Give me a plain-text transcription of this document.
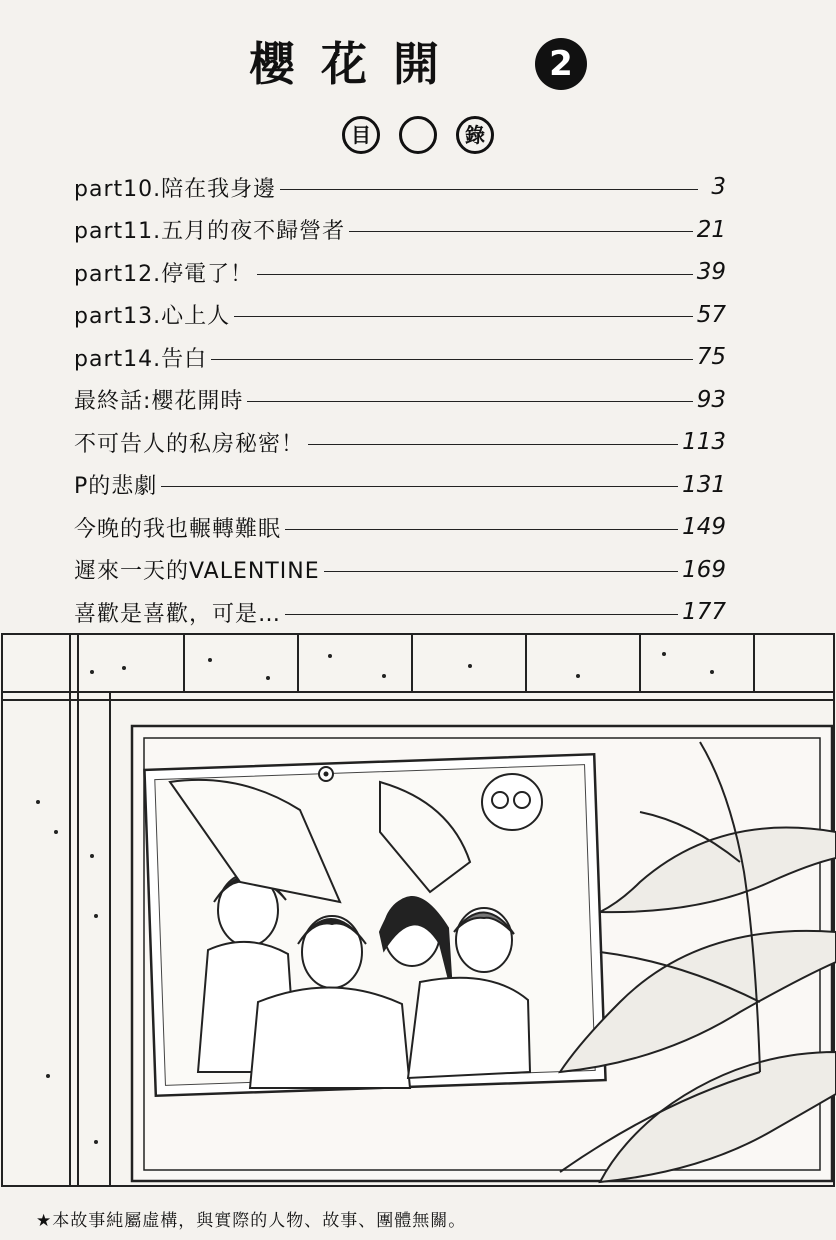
櫻花開 2
目	錄
part10.陪在我身邊	3
part11.五月的夜不歸營者	21
part12.停電了！	39
part13.心上人	57
part14.告白	75
最終話:櫻花開時	93
不可告人的私房秘密！	113
P的悲劇	131
今晚的我也輾轉難眠	149
遲來一天的VALENTINE	169
喜歡是喜歡，可是…	177
★本故事純屬虛構，與實際的人物、故事、團體無關。
